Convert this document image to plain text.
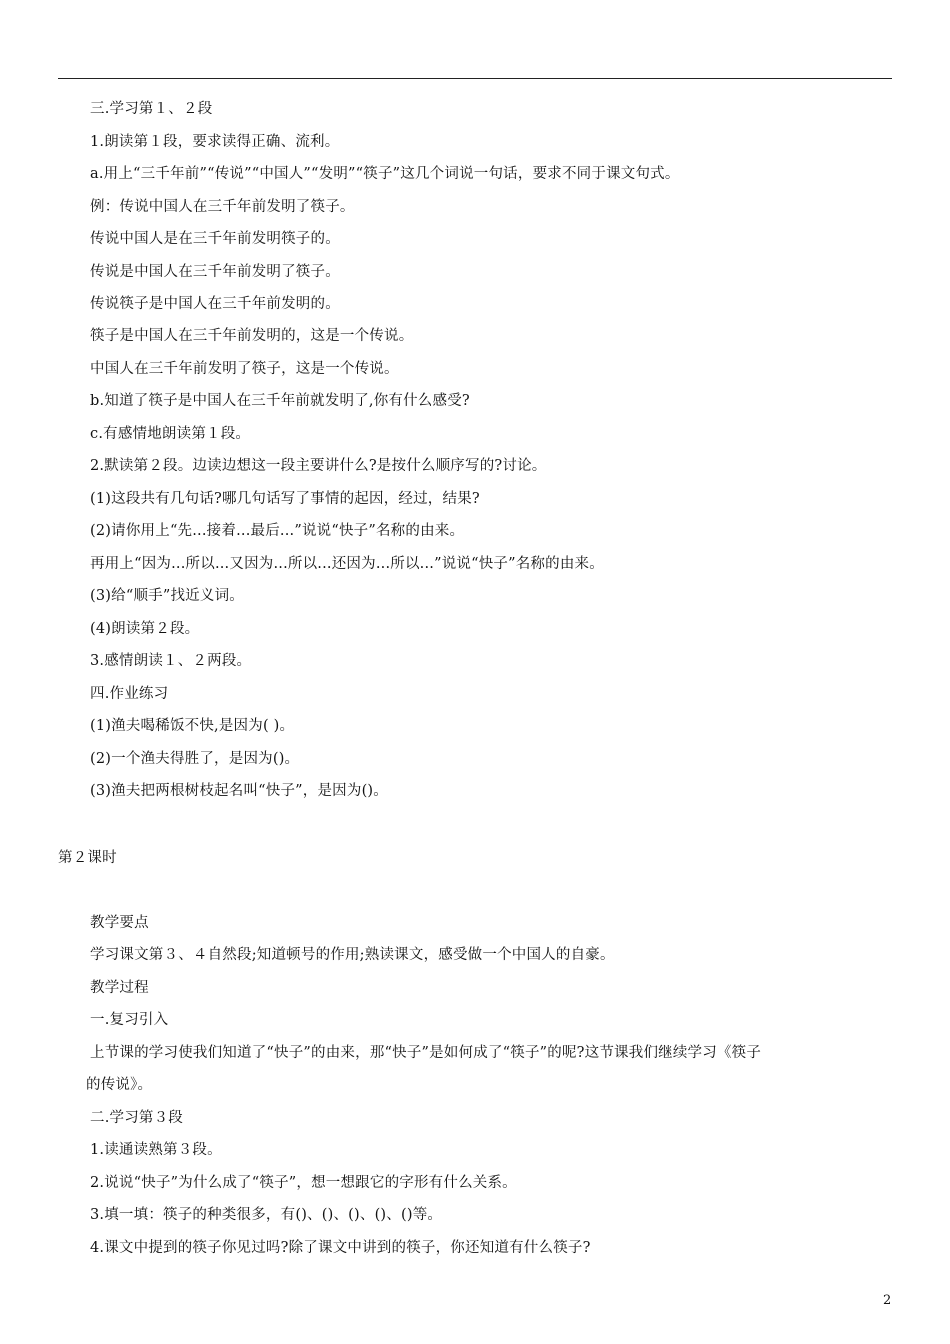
三.学习第１、２段
1.朗读第１段，要求读得正确、流利。
a.用上“三千年前”“传说”“中国人”“发明”“筷子”这几个词说一句话，要求不同于课文句式。
例：传说中国人在三千年前发明了筷子。
传说中国人是在三千年前发明筷子的。
传说是中国人在三千年前发明了筷子。
传说筷子是中国人在三千年前发明的。
筷子是中国人在三千年前发明的，这是一个传说。
中国人在三千年前发明了筷子，这是一个传说。
b.知道了筷子是中国人在三千年前就发明了,你有什么感受?
c.有感情地朗读第１段。
2.默读第２段。边读边想这一段主要讲什么?是按什么顺序写的?讨论。
(1)这段共有几句话?哪几句话写了事情的起因，经过，结果?
(2)请你用上“先...接着...最后...”说说“快子”名称的由来。
再用上“因为...所以...又因为...所以...还因为...所以...”说说“快子”名称的由来。
(3)给“顺手”找近义词。
(4)朗读第２段。
3.感情朗读１、２两段。
四.作业练习
(1)渔夫喝稀饭不快,是因为( )。
(2)一个渔夫得胜了，是因为()。
(3)渔夫把两根树枝起名叫“快子”，是因为()。
第２课时
教学要点
学习课文第３、４自然段;知道顿号的作用;熟读课文，感受做一个中国人的自豪。
教学过程
一.复习引入
上节课的学习使我们知道了“快子”的由来，那“快子”是如何成了“筷子”的呢?这节课我们继续学习《筷子
的传说》。
二.学习第３段
1.读通读熟第３段。
2.说说“快子”为什么成了“筷子”，想一想跟它的字形有什么关系。
3.填一填：筷子的种类很多，有()、()、()、()、()等。
4.课文中提到的筷子你见过吗?除了课文中讲到的筷子，你还知道有什么筷子?
2
